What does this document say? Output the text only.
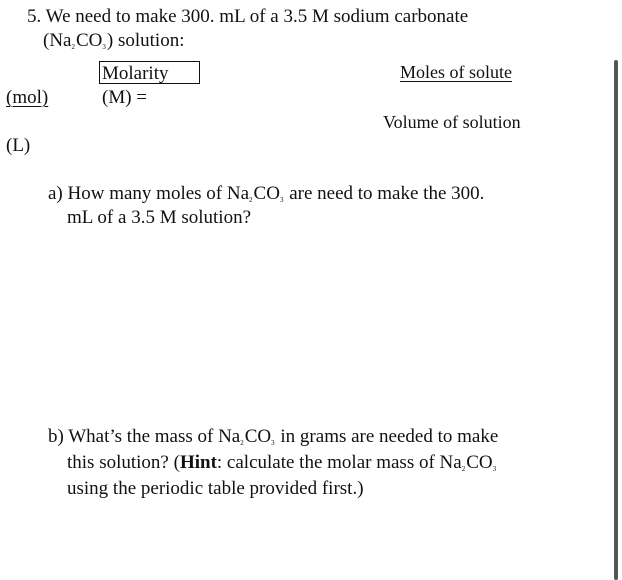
5. We need to make 300. mL of a 3.5 M sodium carbonate
$(Na_2CO_3)$ solution:
Molarity
(M) =
(mol)
(L)
Moles of solute
Volume of solution
a) How many moles of $Na_2CO_3$ are need to make the 300.
mL of a 3.5 M solution?
b) What’s the mass of $Na_2CO_3$ in grams are needed to make
this solution? (Hint: calculate the molar mass of $Na_2CO_3$
using the periodic table provided first.)
